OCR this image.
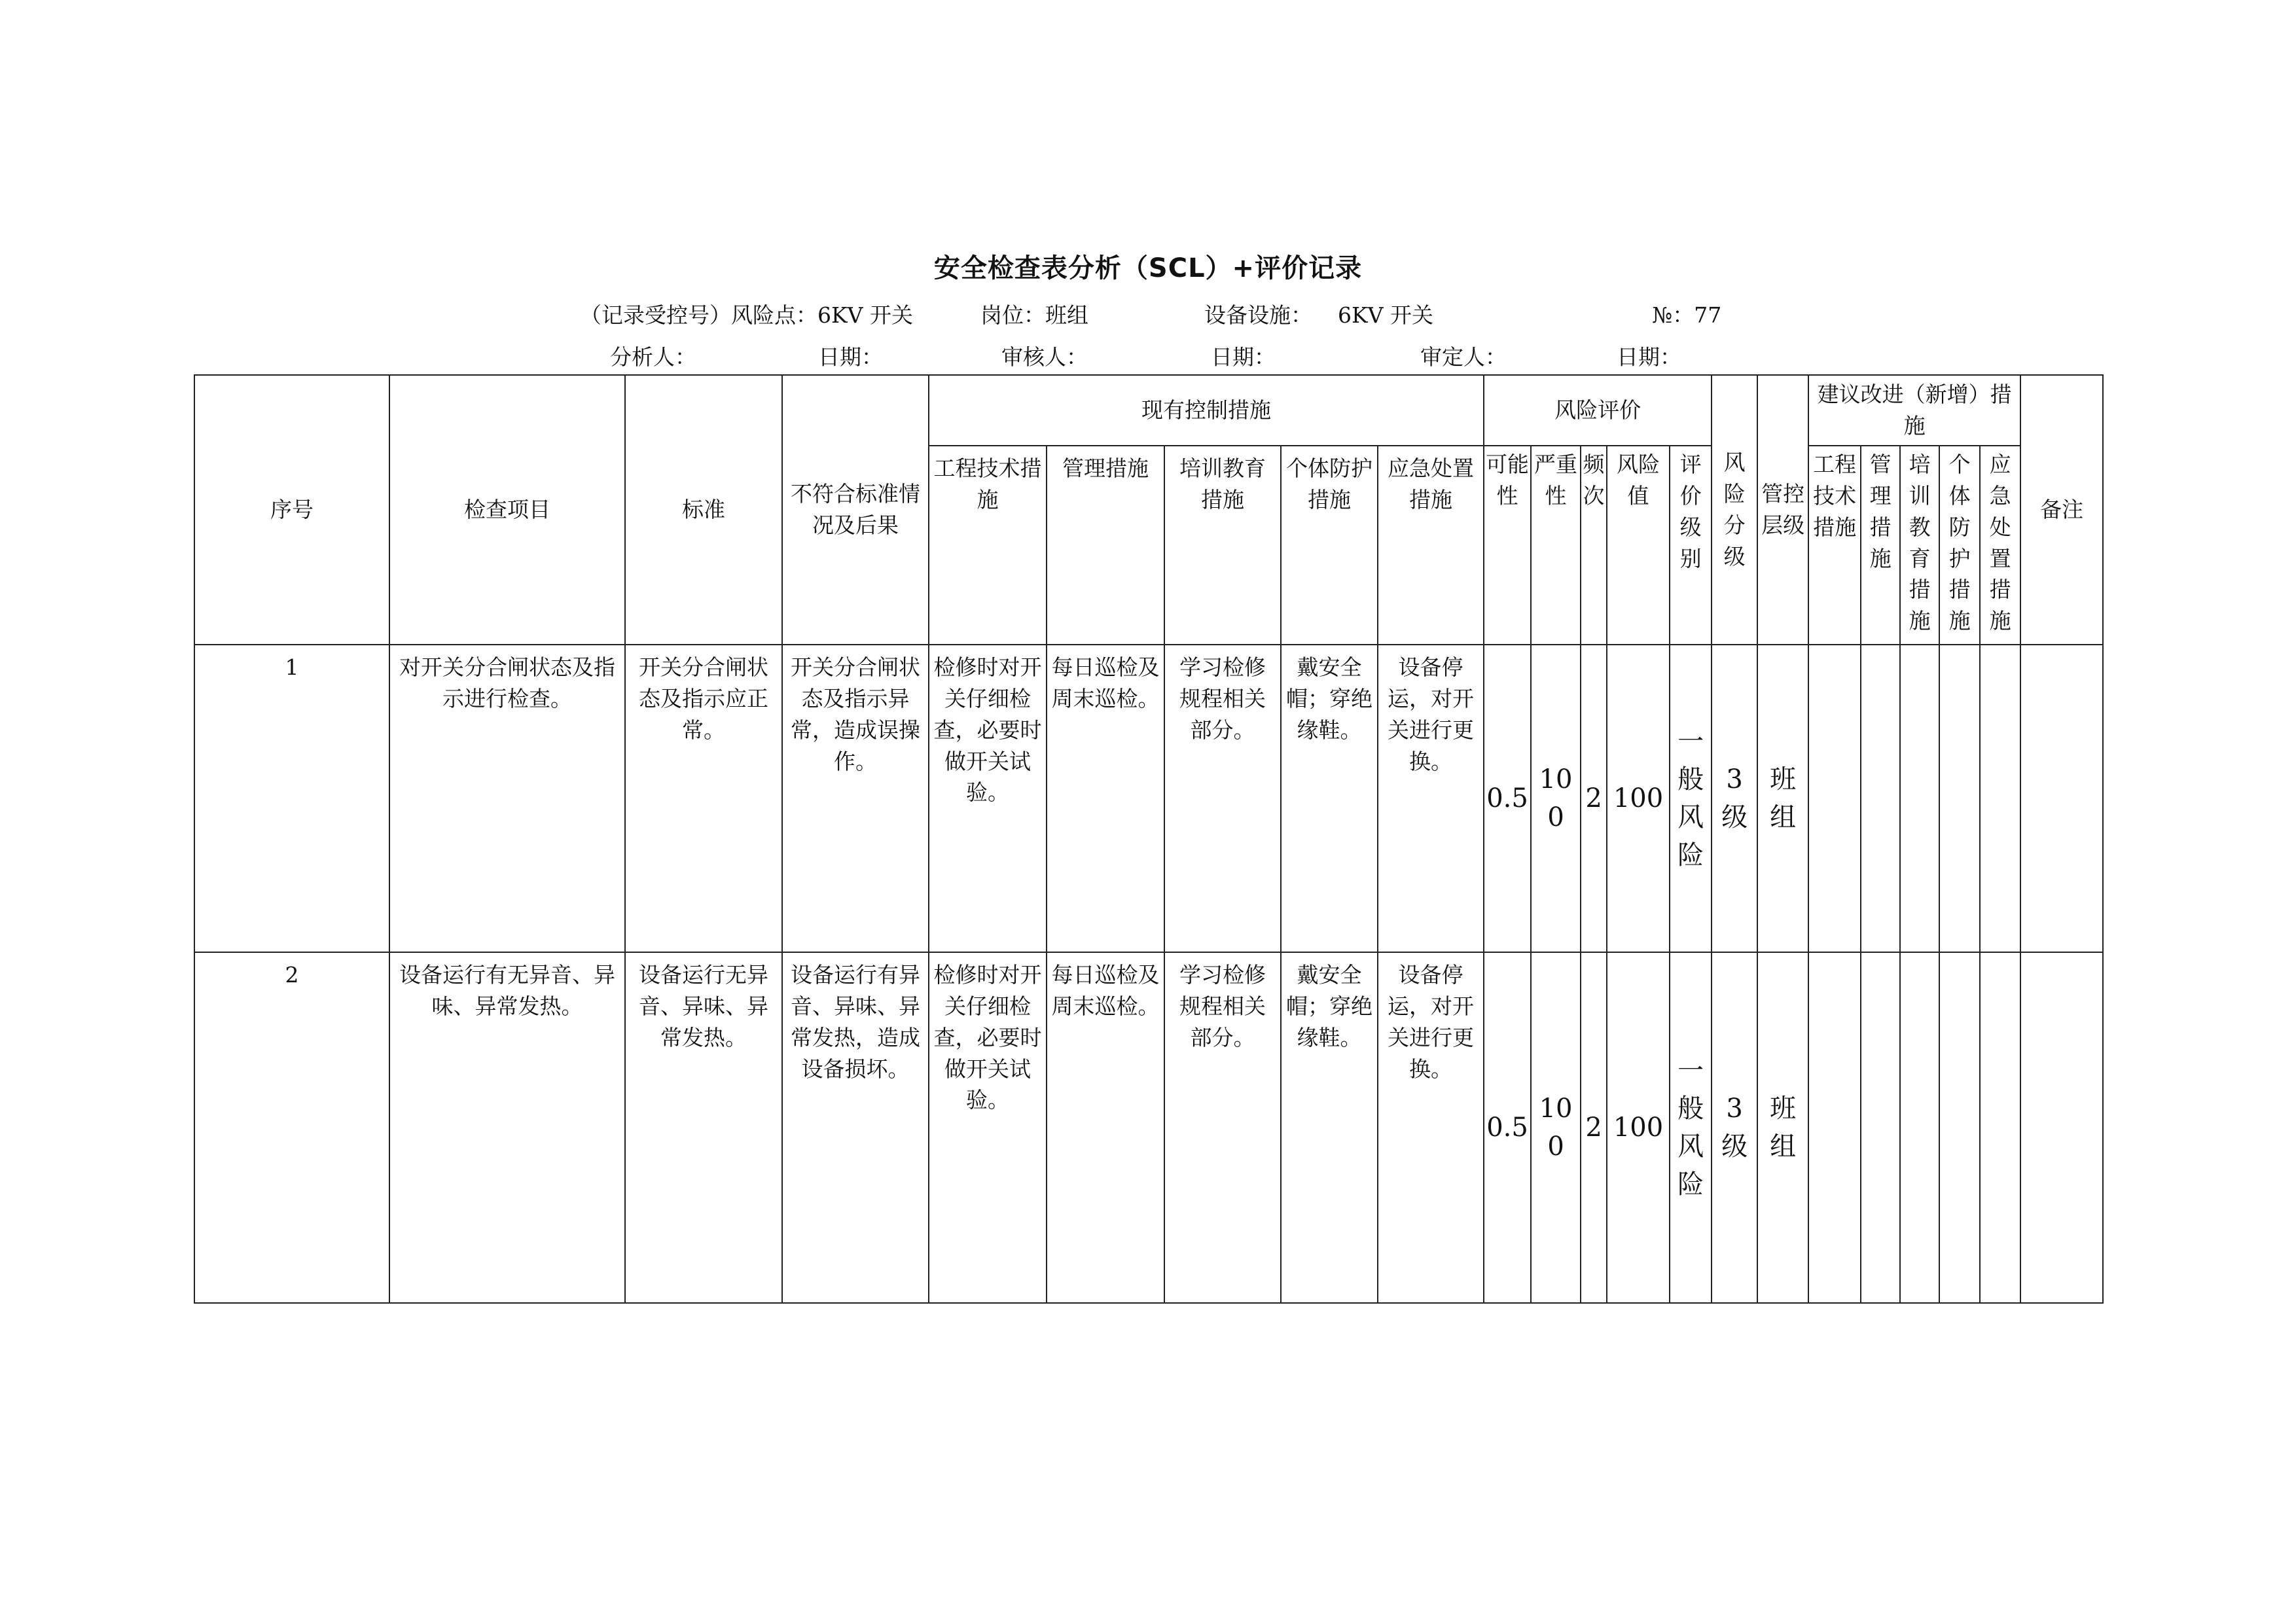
安全检查表分析（SCL）+评价记录
（记录受控号）风险点：6KV 开关	岗位：班组	设备设施： 6KV 开关	№：77
分析人：	日期：	审核人：	日期：	审定人：	日期：
序号	检查项目	标准	不符合标准情况及后果	现有控制措施					风险评价					风险分级	管控层级	建议改进（新增）措施					备注
				工程技术措施	管理措施	培训教育措施	个体防护措施	应急处置措施	可能性	严重性	频次	风险值	评价级别			工程技术措施	管理措施	培训教育措施	个体防护措施	应急处置措施	
1	对开关分合闸状态及指示进行检查。	开关分合闸状态及指示应正常。	开关分合闸状态及指示异常，造成误操作。	检修时对开关仔细检查，必要时做开关试验。	每日巡检及周末巡检。	学习检修规程相关部分。	戴安全帽；穿绝缘鞋。	设备停运，对开关进行更换。	0.5	100	2	100	一般风险	3级	班组						
2	设备运行有无异音、异味、异常发热。	设备运行无异音、异味、异常发热。	设备运行有异音、异味、异常发热，造成设备损坏。	检修时对开关仔细检查，必要时做开关试验。	每日巡检及周末巡检。	学习检修规程相关部分。	戴安全帽；穿绝缘鞋。	设备停运，对开关进行更换。	0.5	100	2	100	一般风险	3级	班组						
